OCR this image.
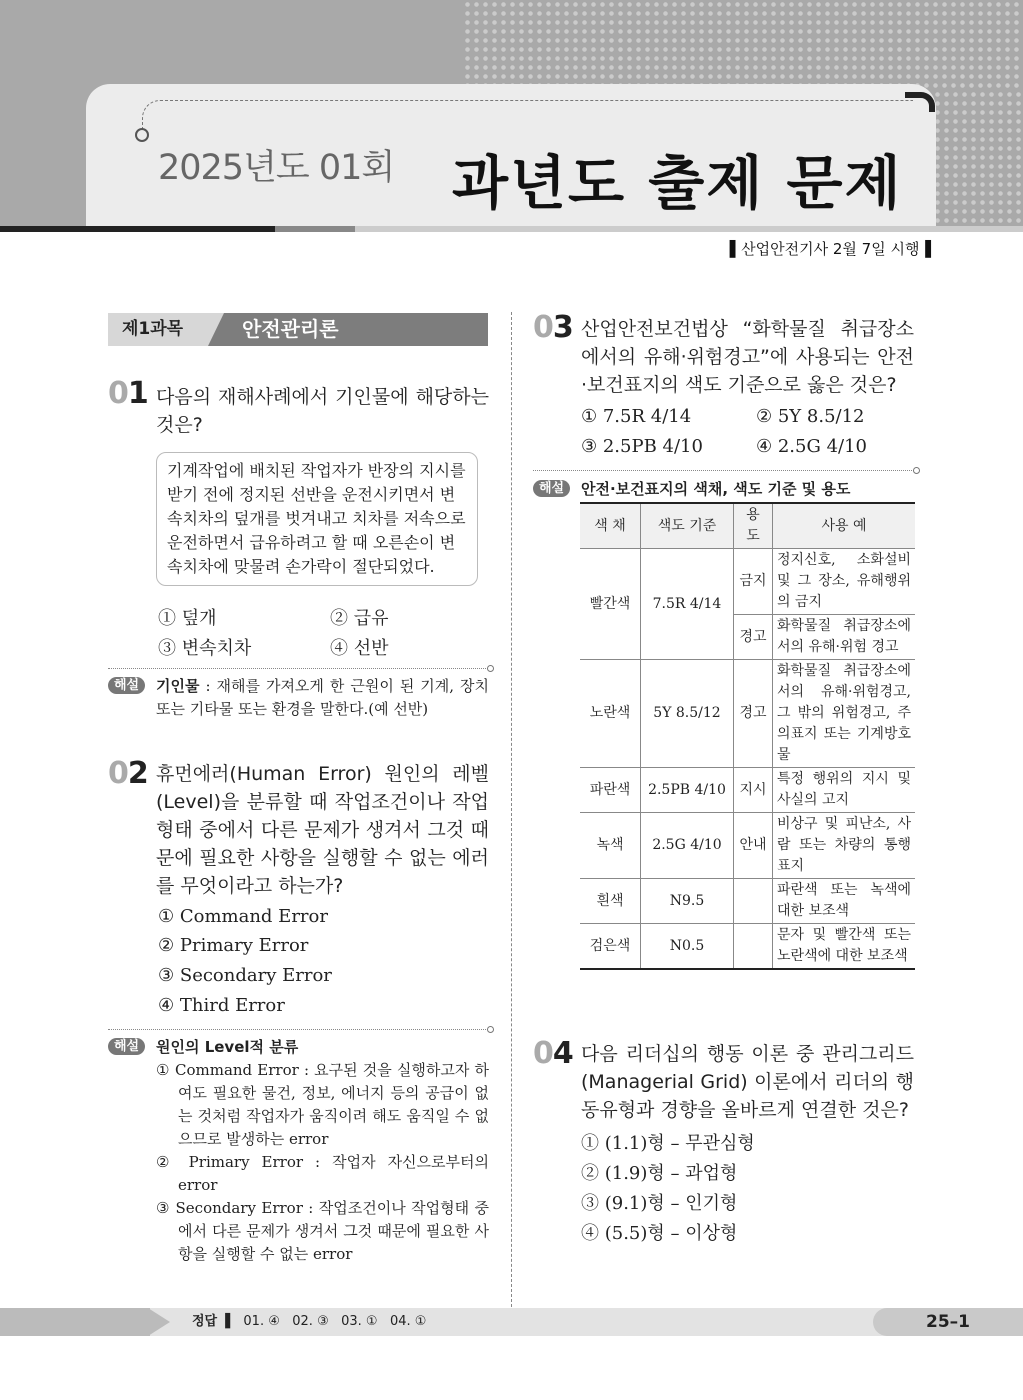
2025년도 01회 과년도 출제 문제
▌산업안전기사 2월 7일 시행▐
제1과목	안전관리론
01 다음의 재해사례에서 기인물에 해당하는 것은?
기계작업에 배치된 작업자가 반장의 지시를 받기 전에 정지된 선반을 운전시키면서 변속치차의 덮개를 벗겨내고 치차를 저속으로 운전하면서 급유하려고 할 때 오른손이 변속치차에 맞물려 손가락이 절단되었다.
① 덮개	② 급유
③ 변속치차	④ 선반
해설	기인물 : 재해를 가져오게 한 근원이 된 기계, 장치 또는 기타물 또는 환경을 말한다.(예 선반)
02 휴먼에러(Human Error) 원인의 레벨(Level)을 분류할 때 작업조건이나 작업형태 중에서 다른 문제가 생겨서 그것 때문에 필요한 사항을 실행할 수 없는 에러를 무엇이라고 하는가?
① Command Error
② Primary Error
③ Secondary Error
④ Third Error
해설	원인의 Level적 분류
① Command Error : 요구된 것을 실행하고자 하여도 필요한 물건, 정보, 에너지 등의 공급이 없는 것처럼 작업자가 움직이려 해도 움직일 수 없으므로 발생하는 error
② Primary Error : 작업자 자신으로부터의 error
③ Secondary Error : 작업조건이나 작업형태 중에서 다른 문제가 생겨서 그것 때문에 필요한 사항을 실행할 수 없는 error
03 산업안전보건법상 “화학물질 취급장소에서의 유해·위험경고”에 사용되는 안전·보건표지의 색도 기준으로 옳은 것은?
① 7.5R 4/14	② 5Y 8.5/12
③ 2.5PB 4/10	④ 2.5G 4/10
해설	안전·보건표지의 색채, 색도 기준 및 용도
색 채	색도 기준	용 도	사용 예
빨간색	7.5R 4/14	금지	정지신호, 소화설비 및 그 장소, 유해행위의 금지
		경고	화학물질 취급장소에서의 유해·위험 경고
노란색	5Y 8.5/12	경고	화학물질 취급장소에서의 유해·위험경고, 그 밖의 위험경고, 주의표지 또는 기계방호물
파란색	2.5PB 4/10	지시	특정 행위의 지시 및 사실의 고지
녹색	2.5G 4/10	안내	비상구 및 피난소, 사람 또는 차량의 통행표지
흰색	N9.5		파란색 또는 녹색에 대한 보조색
검은색	N0.5		문자 및 빨간색 또는 노란색에 대한 보조색
04 다음 리더십의 행동 이론 중 관리그리드(Managerial Grid) 이론에서 리더의 행동유형과 경향을 올바르게 연결한 것은?
① (1.1)형 – 무관심형
② (1.9)형 – 과업형
③ (9.1)형 – 인기형
④ (5.5)형 – 이상형
정답 ▌ 01. ④   02. ③   03. ①   04. ①	25–1
